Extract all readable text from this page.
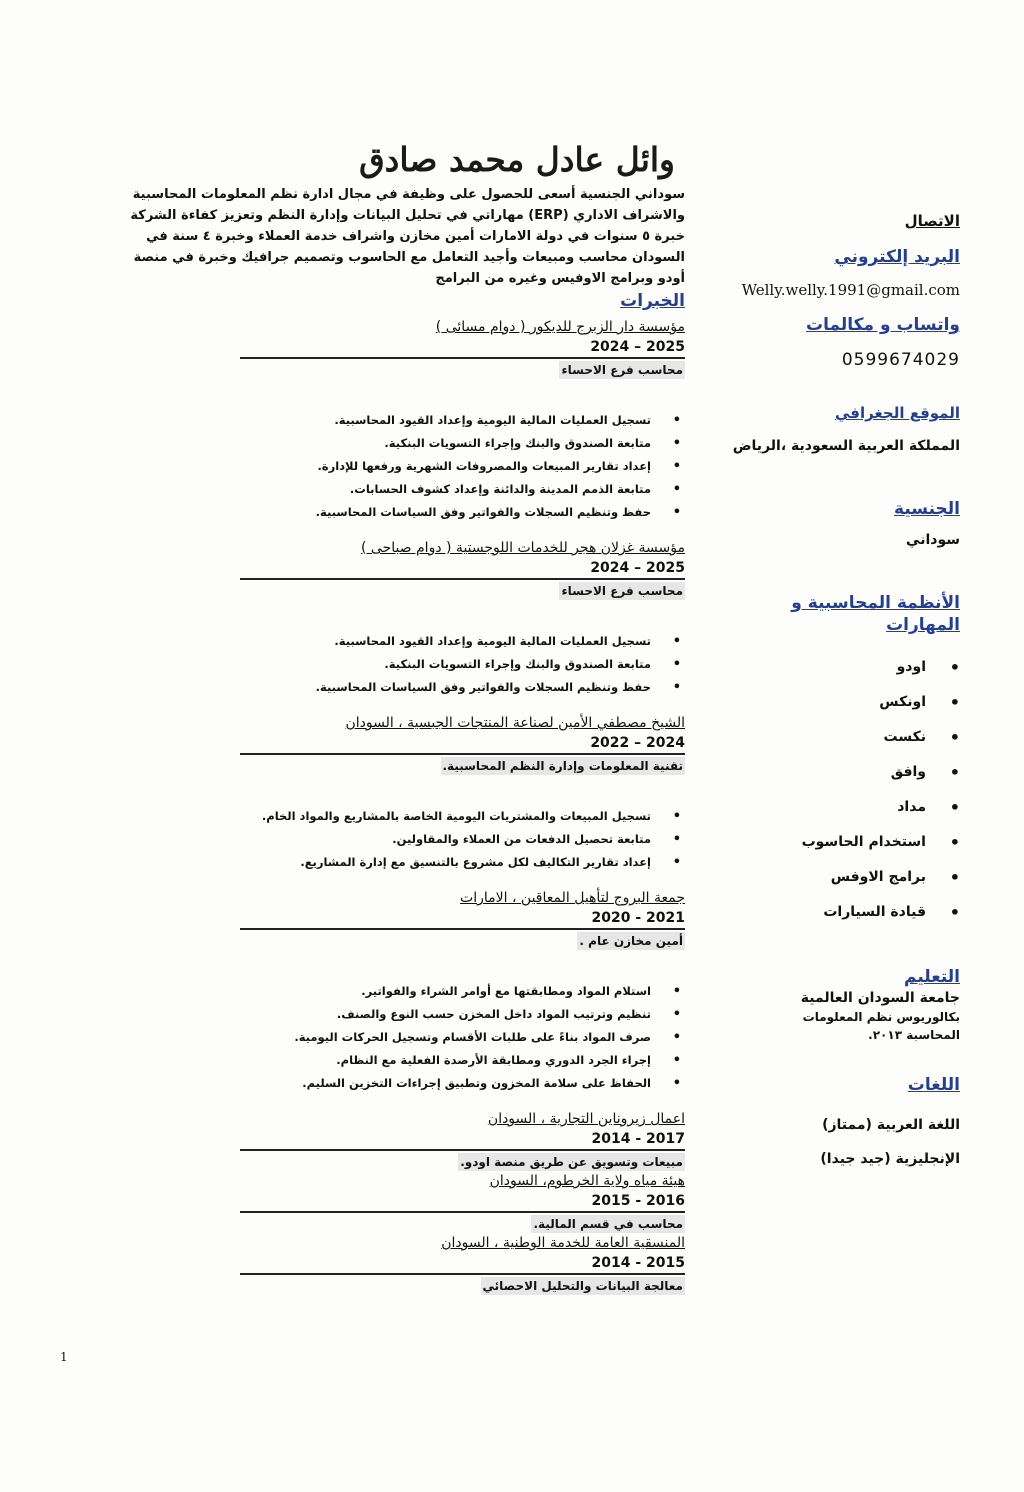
وائل عادل محمد صادق

سوداني الجنسية أسعى للحصول على وظيفة في مجال ادارة نظم المعلومات المحاسبية والاشراف الاداري (ERP) مهاراتي في تحليل البيانات وإدارة النظم وتعزيز كفاءة الشركة خبرة ٥ سنوات في دولة الامارات أمين مخازن واشراف خدمة العملاء وخبرة ٤ سنة في السودان محاسب ومبيعات وأجيد التعامل مع الحاسوب وتصميم جرافيك وخبرة في منصة أودو وبرامج الاوفيس وغيره من البرامج

الخبرات
مؤسسة دار الزبرج للديكور ( دوام مسائى )
2025 – 2024
محاسب فرع الاحساء
• تسجيل العمليات المالية اليومية وإعداد القيود المحاسبية.
• متابعة الصندوق والبنك وإجراء التسويات البنكية.
• إعداد تقارير المبيعات والمصروفات الشهرية ورفعها للإدارة.
• متابعة الذمم المدينة والدائنة وإعداد كشوف الحسابات.
• حفظ وتنظيم السجلات والفواتير وفق السياسات المحاسبية.
مؤسسة غزلان هجر للخدمات اللوجستية ( دوام صباحى )
2025 – 2024
محاسب فرع الاحساء
• تسجيل العمليات المالية اليومية وإعداد القيود المحاسبية.
• متابعة الصندوق والبنك وإجراء التسويات البنكية.
• حفظ وتنظيم السجلات والفواتير وفق السياسات المحاسبية.
الشيخ مصطفي الأمين لصناعة المنتجات الجبسية ، السودان
2024 – 2022
تقنية المعلومات وإدارة النظم المحاسبية.
• تسجيل المبيعات والمشتريات اليومية الخاصة بالمشاريع والمواد الخام.
• متابعة تحصيل الدفعات من العملاء والمقاولين.
• إعداد تقارير التكاليف لكل مشروع بالتنسيق مع إدارة المشاريع.
جمعة البروج لتأهيل المعاقين ، الامارات
2021 - 2020
أمين مخازن عام .
• استلام المواد ومطابقتها مع أوامر الشراء والفواتير.
• تنظيم وترتيب المواد داخل المخزن حسب النوع والصنف.
• صرف المواد بناءً على طلبات الأقسام وتسجيل الحركات اليومية.
• إجراء الجرد الدوري ومطابقة الأرصدة الفعلية مع النظام.
• الحفاظ على سلامة المخزون وتطبيق إجراءات التخزين السليم.
اعمال زيروناين التجارية ، السودان
2017 - 2014
مبيعات وتسويق عن طريق منصة اودو.
هيئة مياه ولاية الخرطوم، السودان
2016 - 2015
محاسب في قسم المالية.
المنسقية العامة للخدمة الوطنية ، السودان
2015 - 2014
معالجة البيانات والتحليل الاحصائي

الاتصال

البريد إلكتروني

Welly.welly.1991@gmail.com

واتساب و مكالمات

0599674029

الموقع الجغرافي

المملكة العربية السعودية ،الرياض

الجنسية

سوداني

الأنظمة المحاسبية و المهارات

• اودو
• اونكس
• نكست
• وافق
• مداد
• استخدام الحاسوب
• برامج الاوفس
• قيادة السيارات

التعليم

جامعة السودان العالمية

بكالوريوس نظم المعلومات المحاسبة ٢٠١٣.

اللغات

اللغة العربية (ممتاز)

الإنجليزية (جيد جيدا)

1
